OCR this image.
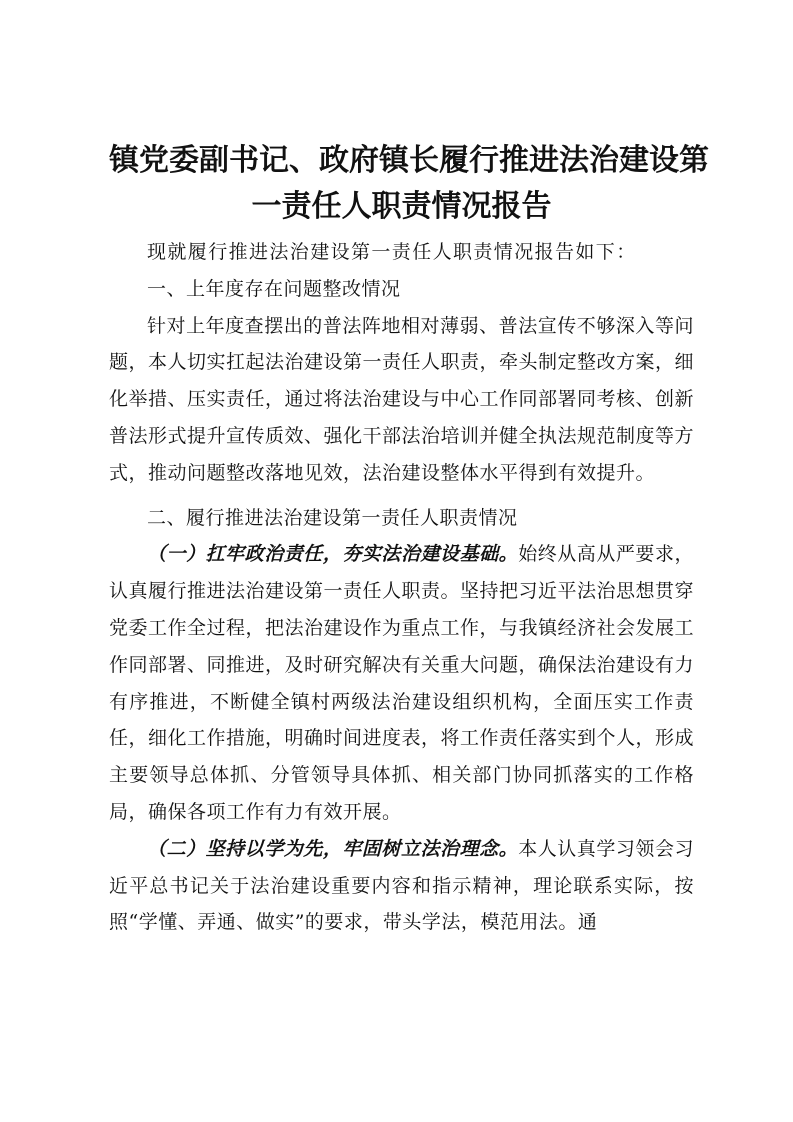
镇党委副书记、政府镇长履行推进法治建设第
一责任人职责情况报告

现就履行推进法治建设第一责任人职责情况报告如下：

一、上年度存在问题整改情况

针对上年度查摆出的普法阵地相对薄弱、普法宣传不够深入等问题，本人切实扛起法治建设第一责任人职责，牵头制定整改方案，细化举措、压实责任，通过将法治建设与中心工作同部署同考核、创新普法形式提升宣传质效、强化干部法治培训并健全执法规范制度等方式，推动问题整改落地见效，法治建设整体水平得到有效提升。

二、履行推进法治建设第一责任人职责情况

（一）扛牢政治责任，夯实法治建设基础。始终从高从严要求，认真履行推进法治建设第一责任人职责。坚持把习近平法治思想贯穿党委工作全过程，把法治建设作为重点工作，与我镇经济社会发展工作同部署、同推进，及时研究解决有关重大问题，确保法治建设有力有序推进，不断健全镇村两级法治建设组织机构，全面压实工作责任，细化工作措施，明确时间进度表，将工作责任落实到个人，形成主要领导总体抓、分管领导具体抓、相关部门协同抓落实的工作格局，确保各项工作有力有效开展。

（二）坚持以学为先，牢固树立法治理念。本人认真学习领会习近平总书记关于法治建设重要内容和指示精神，理论联系实际，按照“学懂、弄通、做实”的要求，带头学法，模范用法。通
